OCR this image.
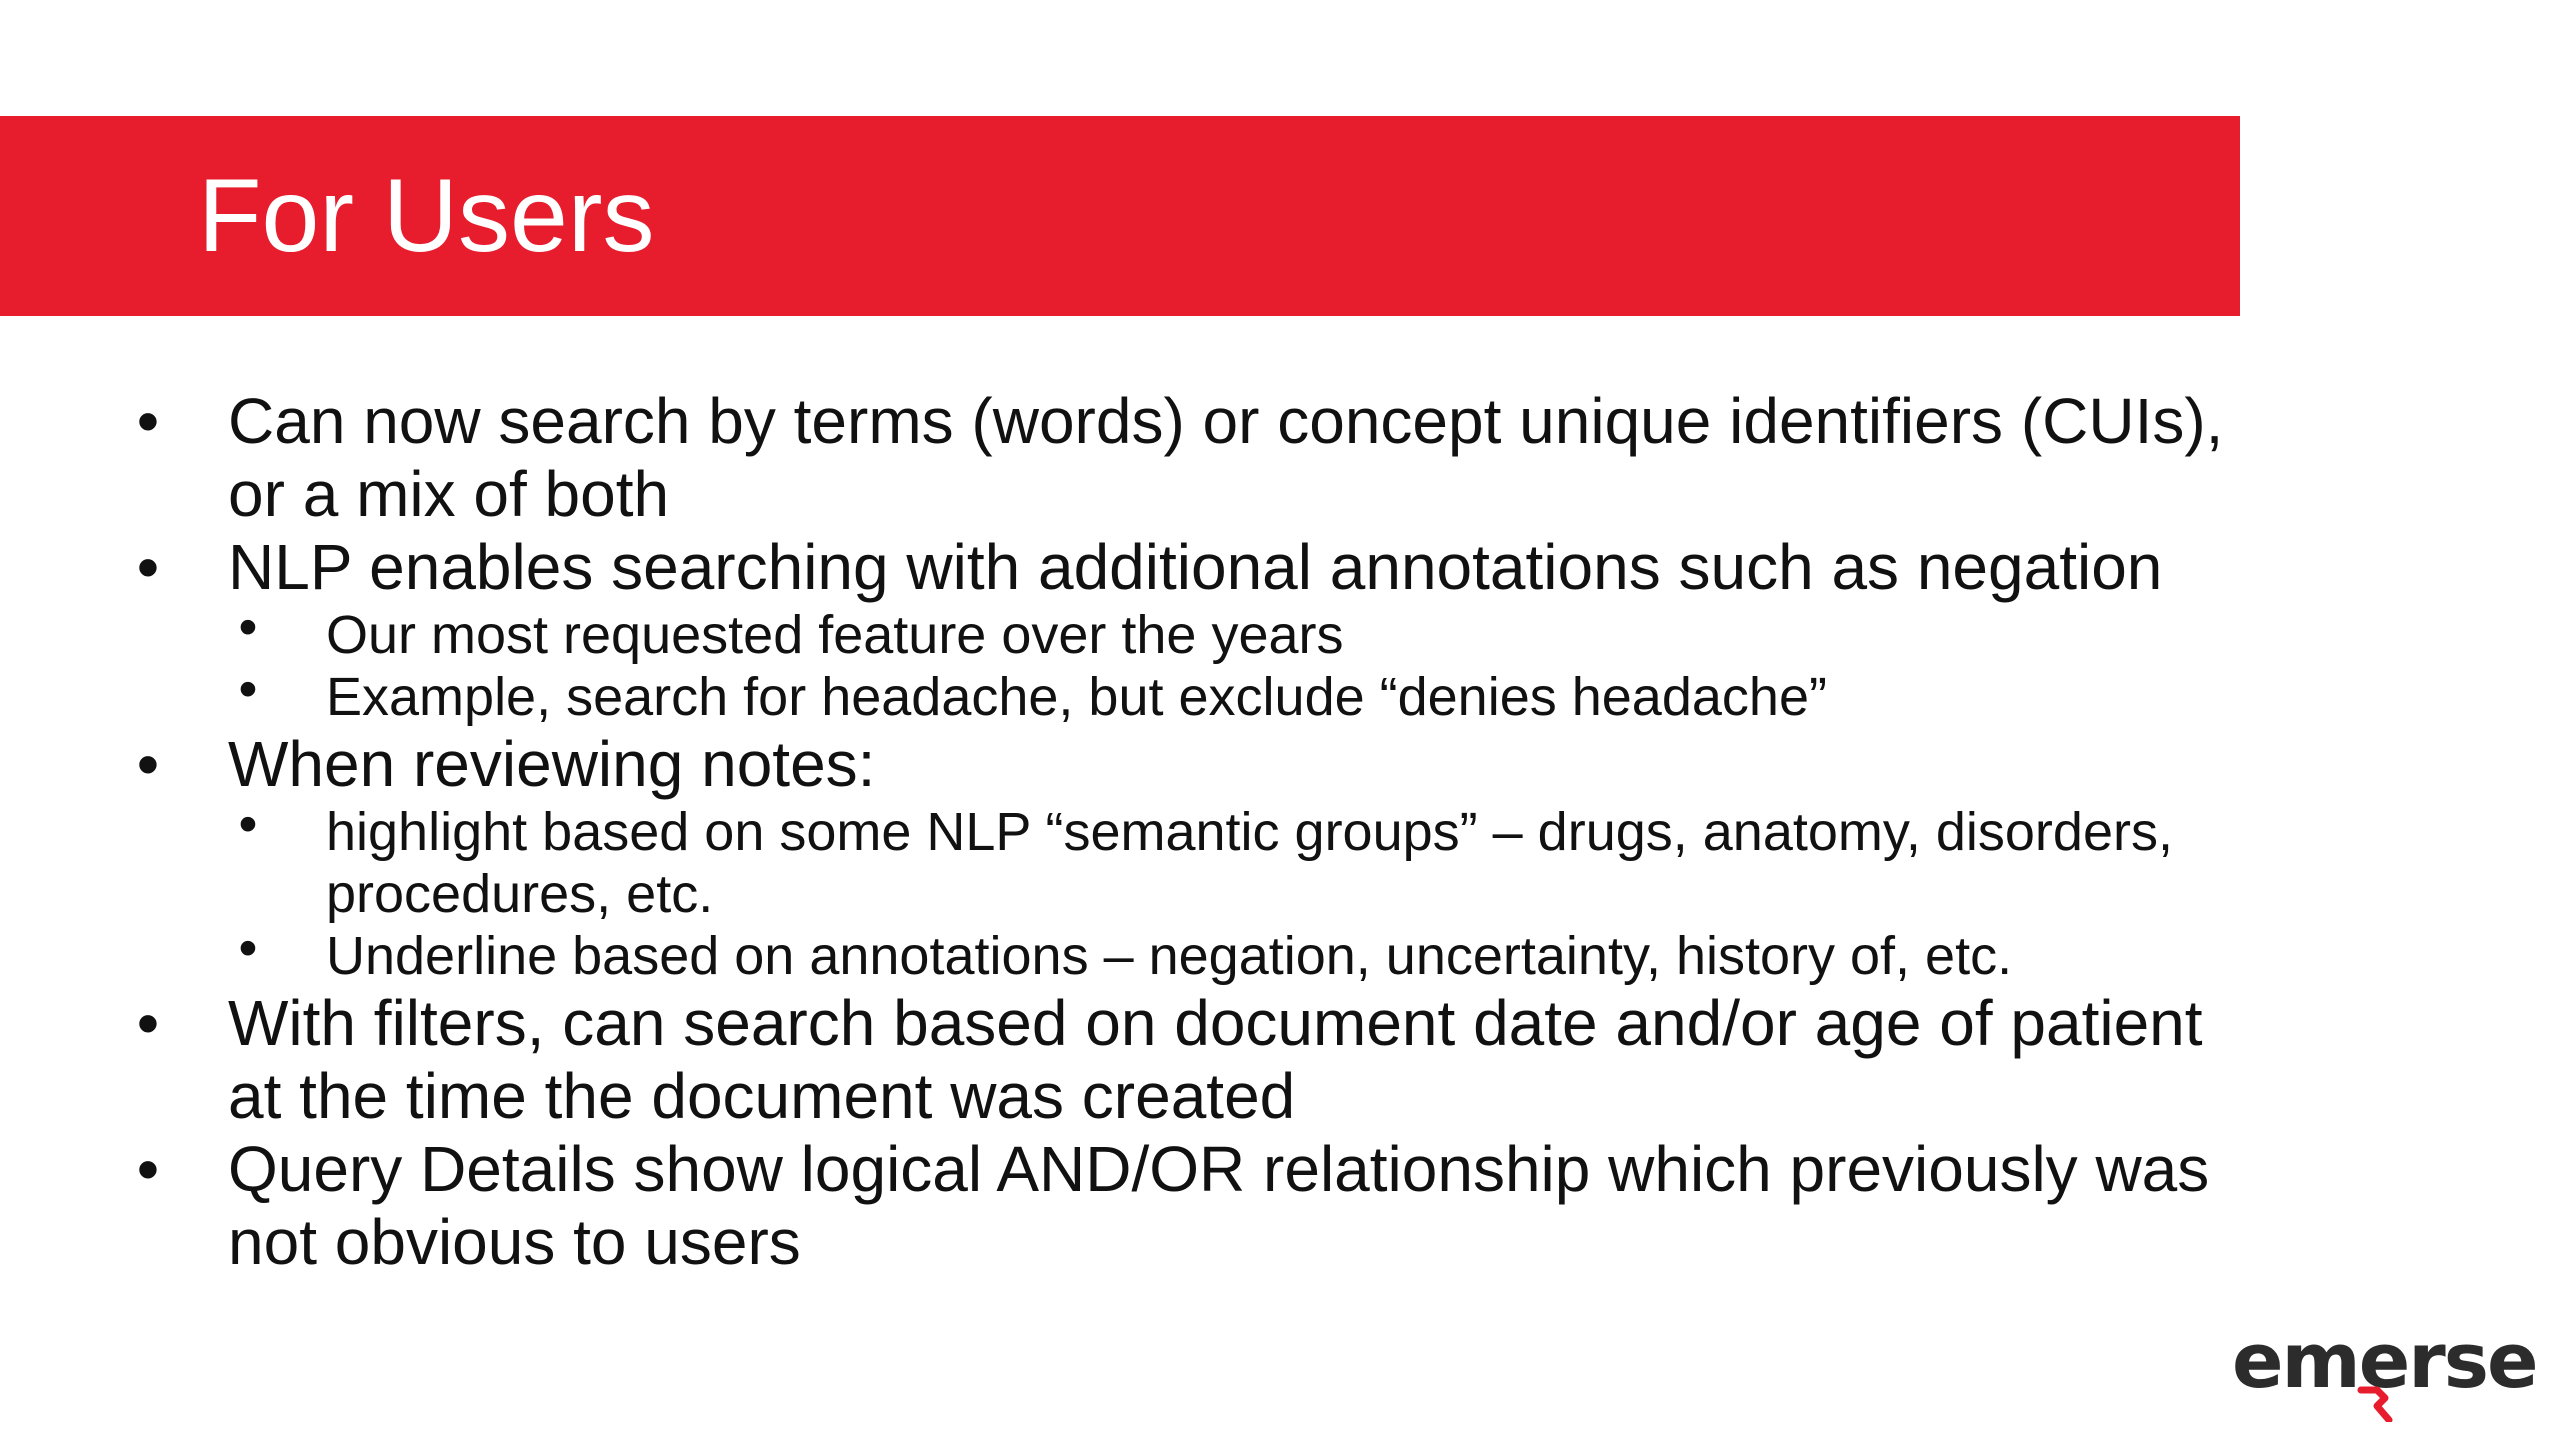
For Users
• Can now search by terms (words) or concept unique identifiers (CUIs), or a mix of both
• NLP enables searching with additional annotations such as negation
• Our most requested feature over the years
• Example, search for headache, but exclude “denies headache”
• When reviewing notes:
• highlight based on some NLP “semantic groups” – drugs, anatomy, disorders, procedures, etc.
• Underline based on annotations – negation, uncertainty, history of, etc.
• With filters, can search based on document date and/or age of patient at the time the document was created
• Query Details show logical AND/OR relationship which previously was not obvious to users
emerse
